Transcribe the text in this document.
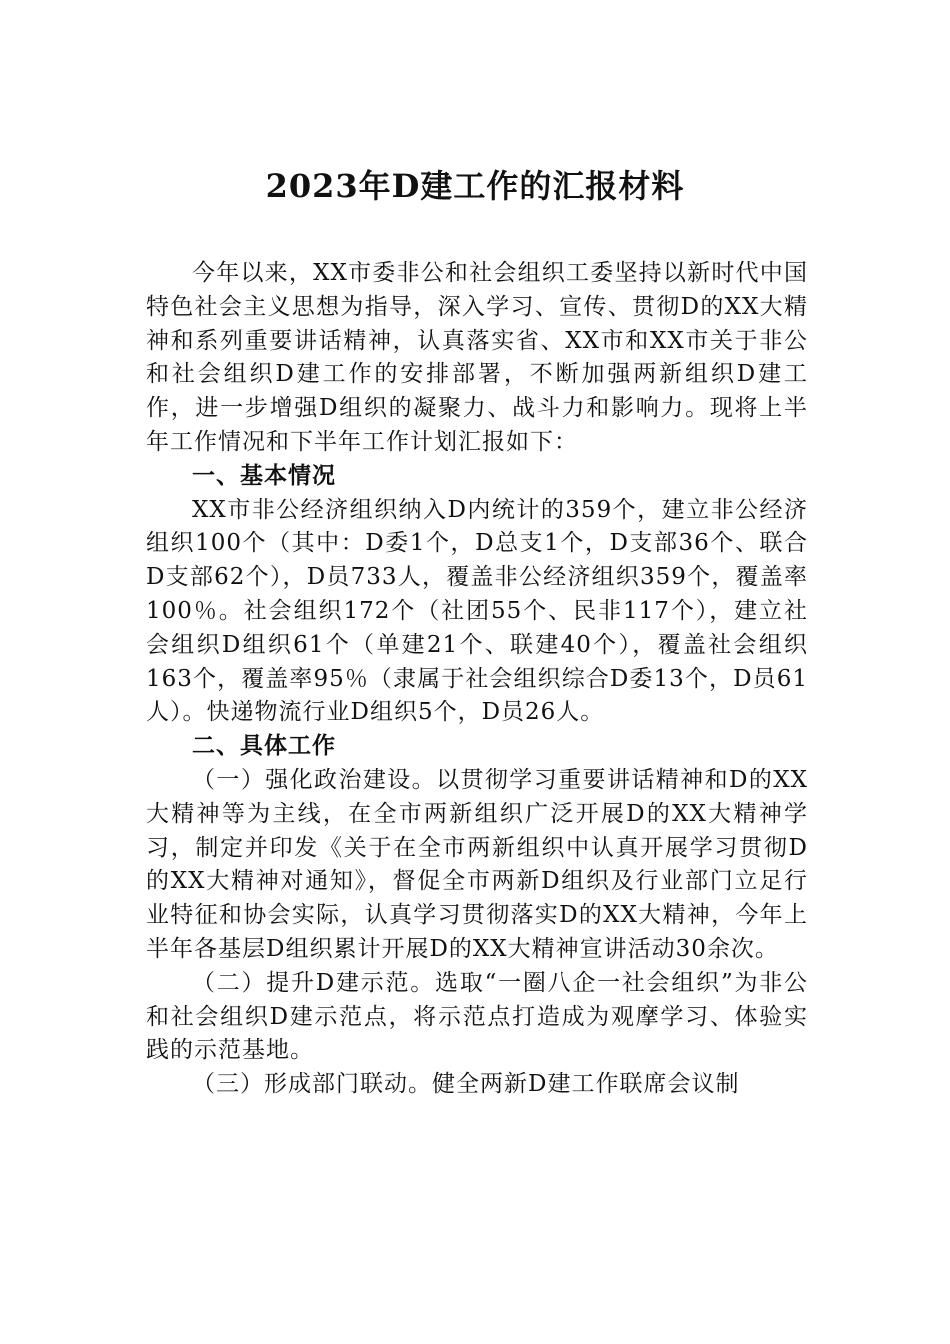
2023年D建工作的汇报材料

今年以来，XX市委非公和社会组织工委坚持以新时代中国特色社会主义思想为指导，深入学习、宣传、贯彻D的XX大精神和系列重要讲话精神，认真落实省、XX市和XX市关于非公和社会组织D建工作的安排部署，不断加强两新组织D建工作，进一步增强D组织的凝聚力、战斗力和影响力。现将上半年工作情况和下半年工作计划汇报如下：

一、基本情况

XX市非公经济组织纳入D内统计的359个，建立非公经济组织100个（其中：D委1个，D总支1个，D支部36个、联合D支部62个），D员733人，覆盖非公经济组织359个，覆盖率100％。社会组织172个（社团55个、民非117个），建立社会组织D组织61个（单建21个、联建40个），覆盖社会组织163个，覆盖率95％（隶属于社会组织综合D委13个，D员61人）。快递物流行业D组织5个，D员26人。

二、具体工作

（一）强化政治建设。以贯彻学习重要讲话精神和D的XX大精神等为主线，在全市两新组织广泛开展D的XX大精神学习，制定并印发《关于在全市两新组织中认真开展学习贯彻D的XX大精神对通知》，督促全市两新D组织及行业部门立足行业特征和协会实际，认真学习贯彻落实D的XX大精神，今年上半年各基层D组织累计开展D的XX大精神宣讲活动30余次。

（二）提升D建示范。选取“一圈八企一社会组织”为非公和社会组织D建示范点，将示范点打造成为观摩学习、体验实践的示范基地。

（三）形成部门联动。健全两新D建工作联席会议制
